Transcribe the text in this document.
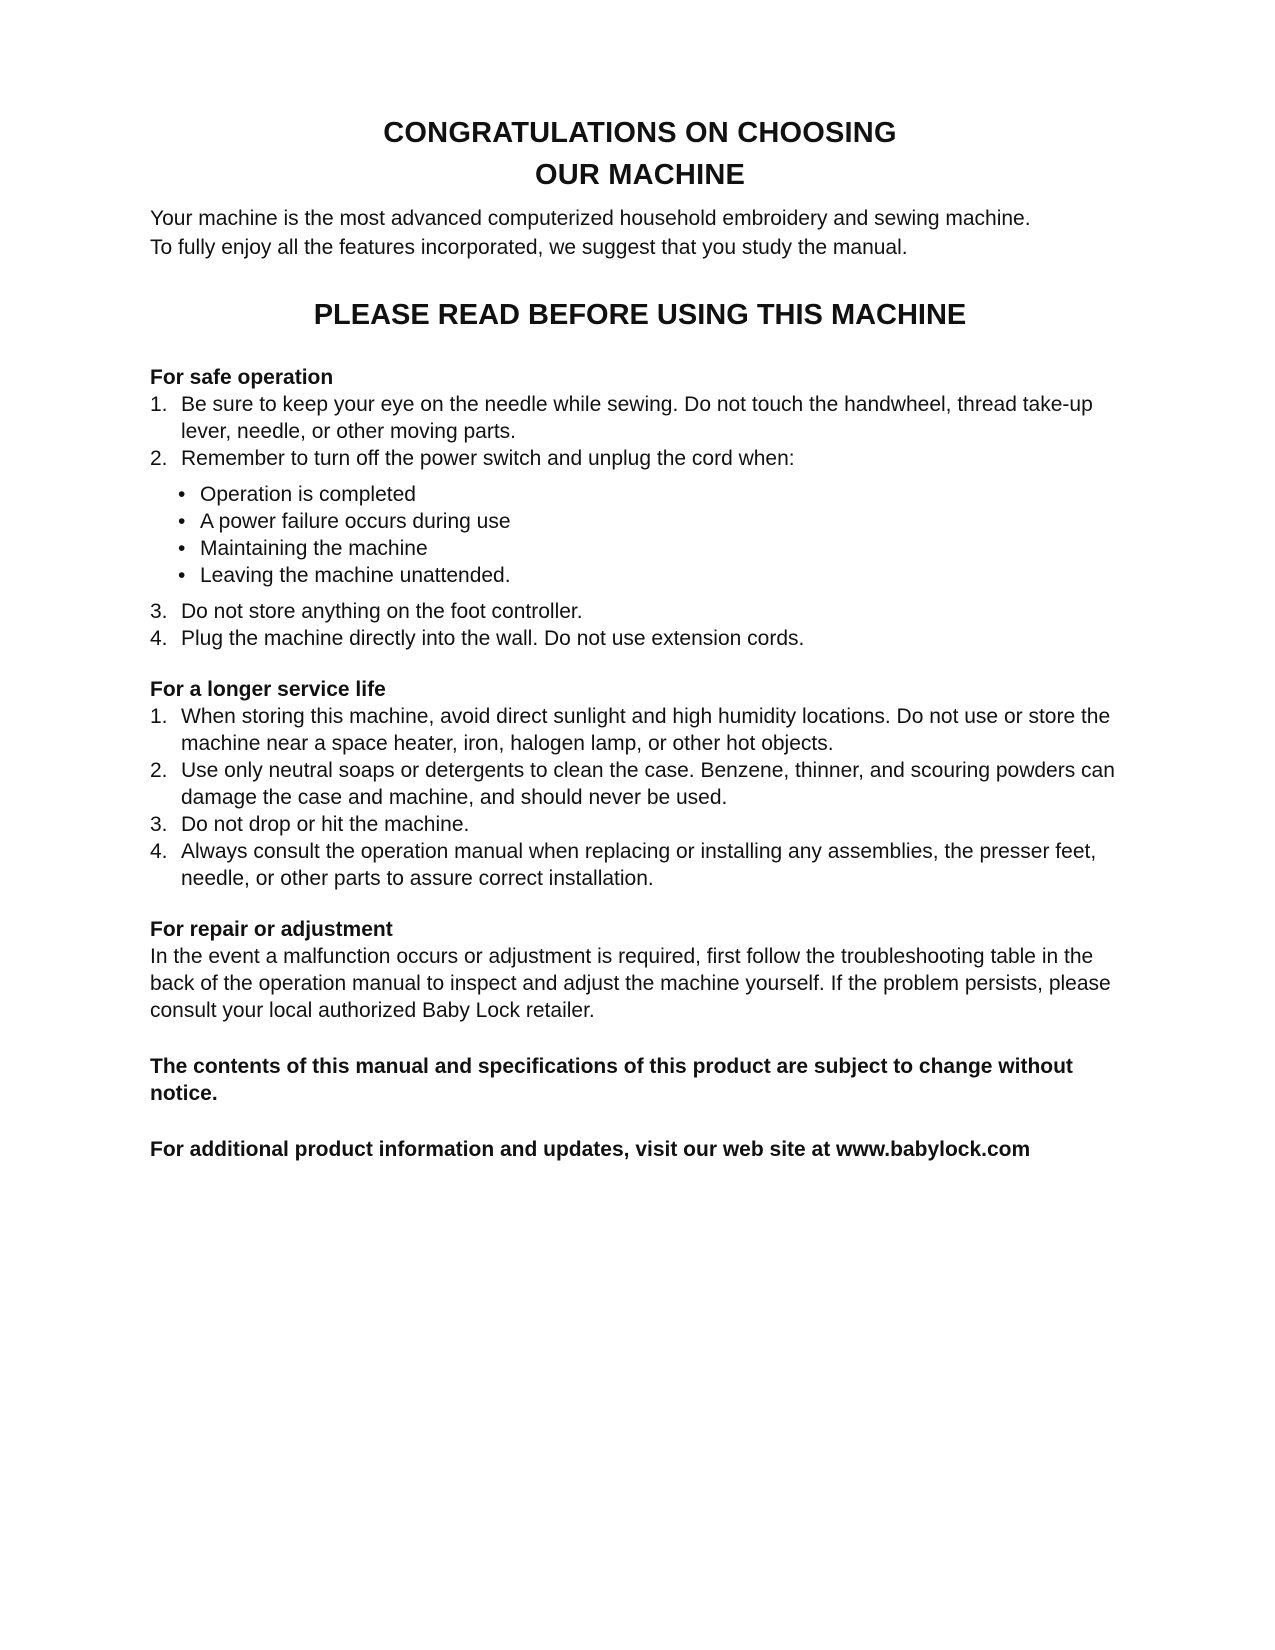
CONGRATULATIONS ON CHOOSING
OUR MACHINE

Your machine is the most advanced computerized household embroidery and sewing machine.
To fully enjoy all the features incorporated, we suggest that you study the manual.

PLEASE READ BEFORE USING THIS MACHINE
For safe operation
1. Be sure to keep your eye on the needle while sewing. Do not touch the handwheel, thread take-up lever, needle, or other moving parts.
2. Remember to turn off the power switch and unplug the cord when:
• Operation is completed
• A power failure occurs during use
• Maintaining the machine
• Leaving the machine unattended.
3. Do not store anything on the foot controller.
4. Plug the machine directly into the wall. Do not use extension cords.
For a longer service life
1. When storing this machine, avoid direct sunlight and high humidity locations. Do not use or store the machine near a space heater, iron, halogen lamp, or other hot objects.
2. Use only neutral soaps or detergents to clean the case. Benzene, thinner, and scouring powders can damage the case and machine, and should never be used.
3. Do not drop or hit the machine.
4. Always consult the operation manual when replacing or installing any assemblies, the presser feet, needle, or other parts to assure correct installation.
For repair or adjustment

In the event a malfunction occurs or adjustment is required, first follow the troubleshooting table in the back of the operation manual to inspect and adjust the machine yourself. If the problem persists, please consult your local authorized Baby Lock retailer.

The contents of this manual and specifications of this product are subject to change without notice.

For additional product information and updates, visit our web site at www.babylock.com
